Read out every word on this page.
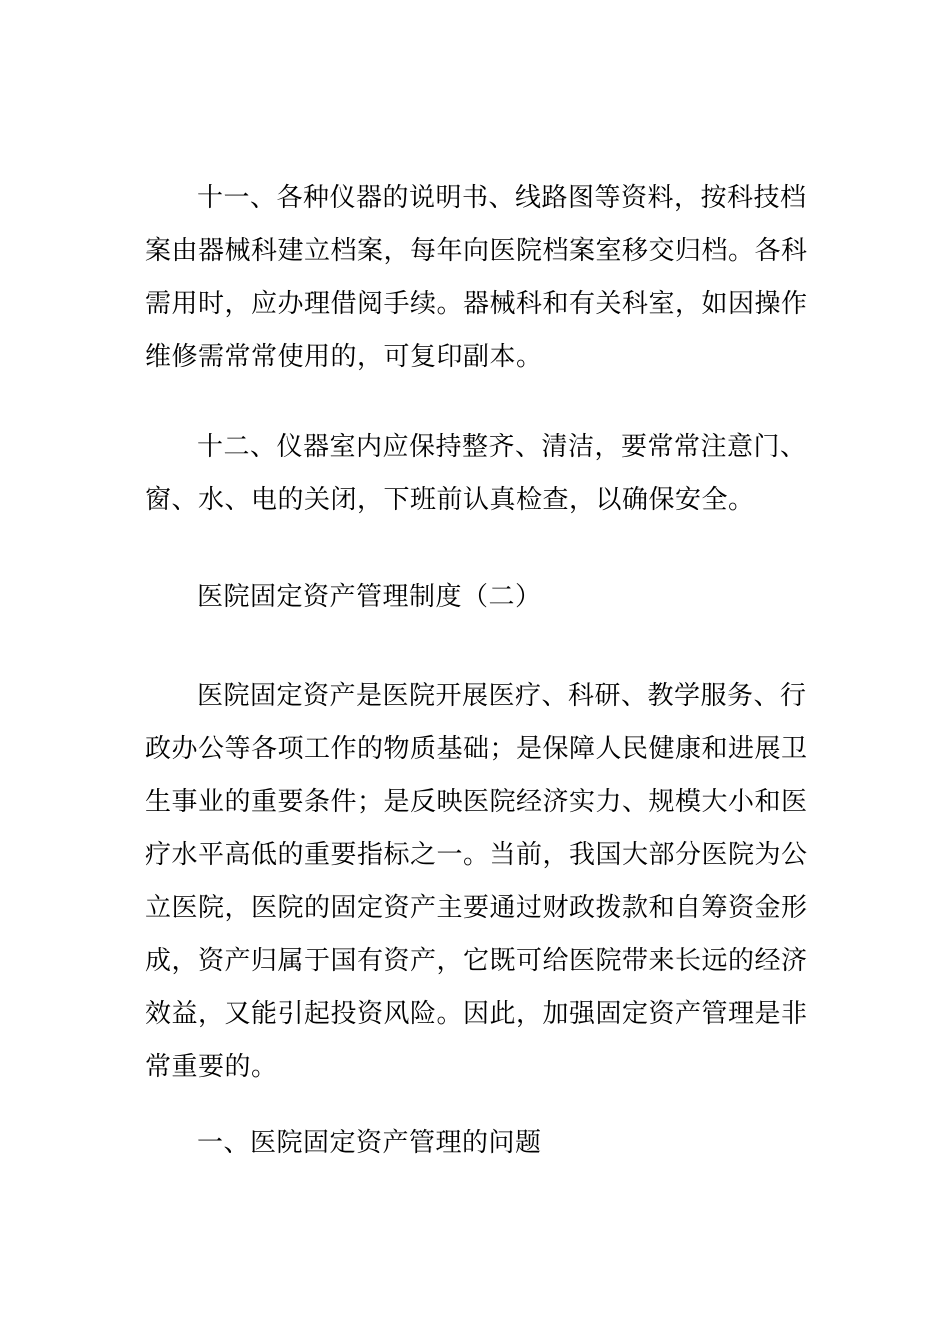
十一、各种仪器的说明书、线路图等资料，按科技档
案由器械科建立档案，每年向医院档案室移交归档。各科
需用时，应办理借阅手续。器械科和有关科室，如因操作
维修需常常使用的，可复印副本。
十二、仪器室内应保持整齐、清洁，要常常注意门、
窗、水、电的关闭，下班前认真检查，以确保安全。
医院固定资产管理制度（二）
医院固定资产是医院开展医疗、科研、教学服务、行
政办公等各项工作的物质基础；是保障人民健康和进展卫
生事业的重要条件；是反映医院经济实力、规模大小和医
疗水平高低的重要指标之一。当前，我国大部分医院为公
立医院，医院的固定资产主要通过财政拨款和自筹资金形
成，资产归属于国有资产，它既可给医院带来长远的经济
效益，又能引起投资风险。因此，加强固定资产管理是非
常重要的。
一、医院固定资产管理的问题
